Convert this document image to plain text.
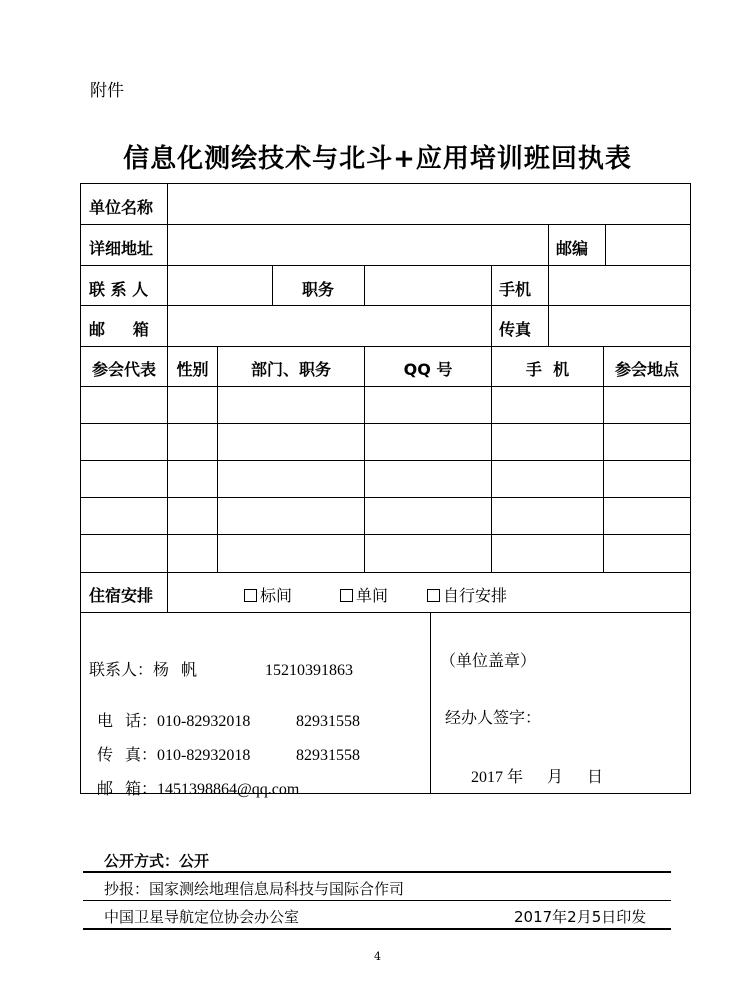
附件
信息化测绘技术与北斗+应用培训班回执表
单位名称
详细地址	邮编
联 系 人	职务	手机
邮     箱	传真
参会代表	性别	部门、职务	QQ 号	手  机	参会地点
住宿安排	标间	单间	自行安排
联系人：杨   帆	15210391863

电   话：010-82932018	82931558

传   真：010-82932018	82931558

邮   箱：1451398864@qq.com

（单位盖章）
经办人签字：
2017 年      月      日
公开方式：公开
抄报：国家测绘地理信息局科技与国际合作司
中国卫星导航定位协会办公室	2017年2月5日印发
4
